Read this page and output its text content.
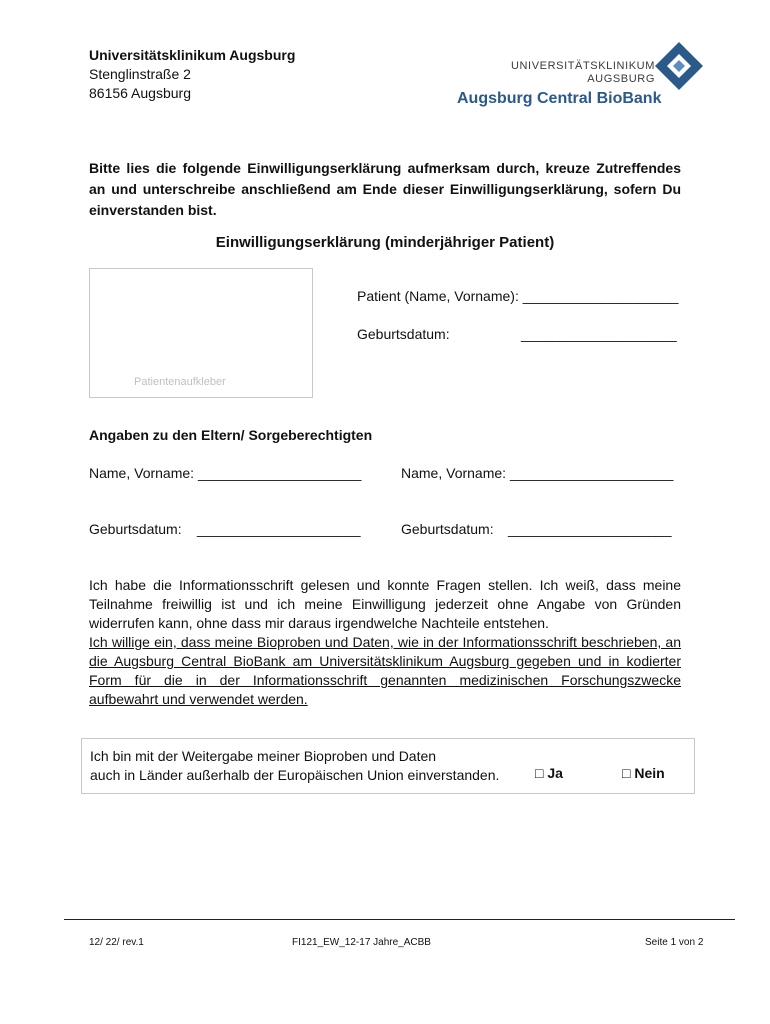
Universitätsklinikum Augsburg
Stenglinstraße 2
86156 Augsburg
UNIVERSITÄTSKLINIKUM
AUGSBURG
Augsburg Central BioBank
Bitte lies die folgende Einwilligungserklärung aufmerksam durch, kreuze Zutreffendes an und unterschreibe anschließend am Ende dieser Einwilligungserklärung, sofern Du einverstanden bist.
Einwilligungserklärung (minderjähriger Patient)
Patientenaufkleber
Patient (Name, Vorname): ____________________
Geburtsdatum:	____________________
Angaben zu den Eltern/ Sorgeberechtigten
Name, Vorname: _____________________	Name, Vorname: _____________________
Geburtsdatum: _____________________	Geburtsdatum: _____________________
Ich habe die Informationsschrift gelesen und konnte Fragen stellen. Ich weiß, dass meine Teilnahme freiwillig ist und ich meine Einwilligung jederzeit ohne Angabe von Gründen widerrufen kann, ohne dass mir daraus irgendwelche Nachteile entstehen.
Ich willige ein, dass meine Bioproben und Daten, wie in der Informationsschrift beschrieben, an die Augsburg Central BioBank am Universitätsklinikum Augsburg gegeben und in kodierter Form für die in der Informationsschrift genannten medizinischen Forschungszwecke aufbewahrt und verwendet werden.
Ich bin mit der Weitergabe meiner Bioproben und Daten
auch in Länder außerhalb der Europäischen Union einverstanden.	□ Ja	□ Nein
12/ 22/ rev.1	FI121_EW_12-17 Jahre_ACBB	Seite 1 von 2
